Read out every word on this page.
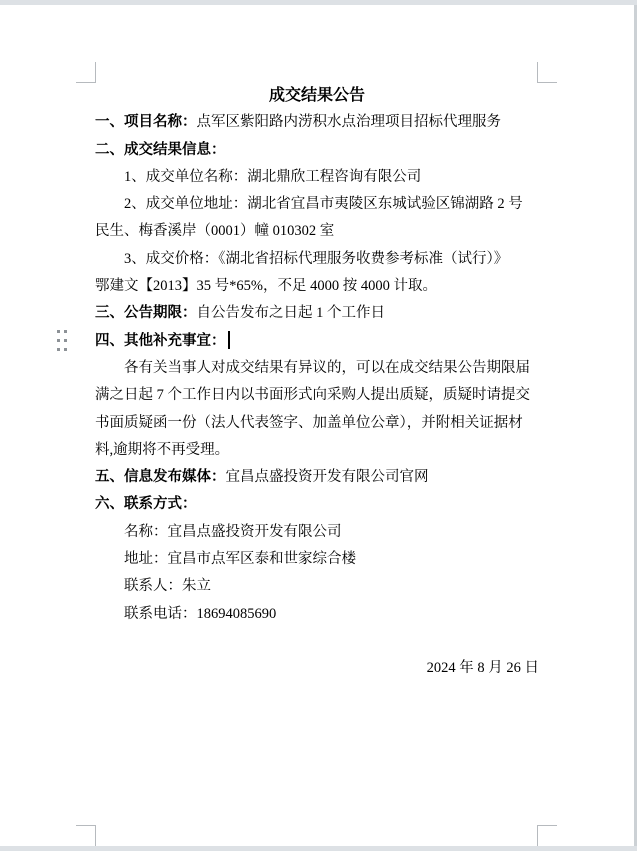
成交结果公告
一、项目名称：点军区紫阳路内涝积水点治理项目招标代理服务
二、成交结果信息：
1、成交单位名称：湖北鼎欣工程咨询有限公司
2、成交单位地址：湖北省宜昌市夷陵区东城试验区锦湖路 2 号
民生、梅香溪岸（0001）幢 010302 室
3、成交价格：《湖北省招标代理服务收费参考标准（试行）》
鄂建文【2013】35 号*65%，不足 4000 按 4000 计取。
三、公告期限：自公告发布之日起 1 个工作日
四、其他补充事宜：
各有关当事人对成交结果有异议的，可以在成交结果公告期限届
满之日起 7 个工作日内以书面形式向采购人提出质疑，质疑时请提交
书面质疑函一份（法人代表签字、加盖单位公章），并附相关证据材
料,逾期将不再受理。
五、信息发布媒体：宜昌点盛投资开发有限公司官网
六、联系方式：
名称：宜昌点盛投资开发有限公司
地址：宜昌市点军区泰和世家综合楼
联系人：朱立
联系电话：18694085690
2024 年 8 月 26 日
